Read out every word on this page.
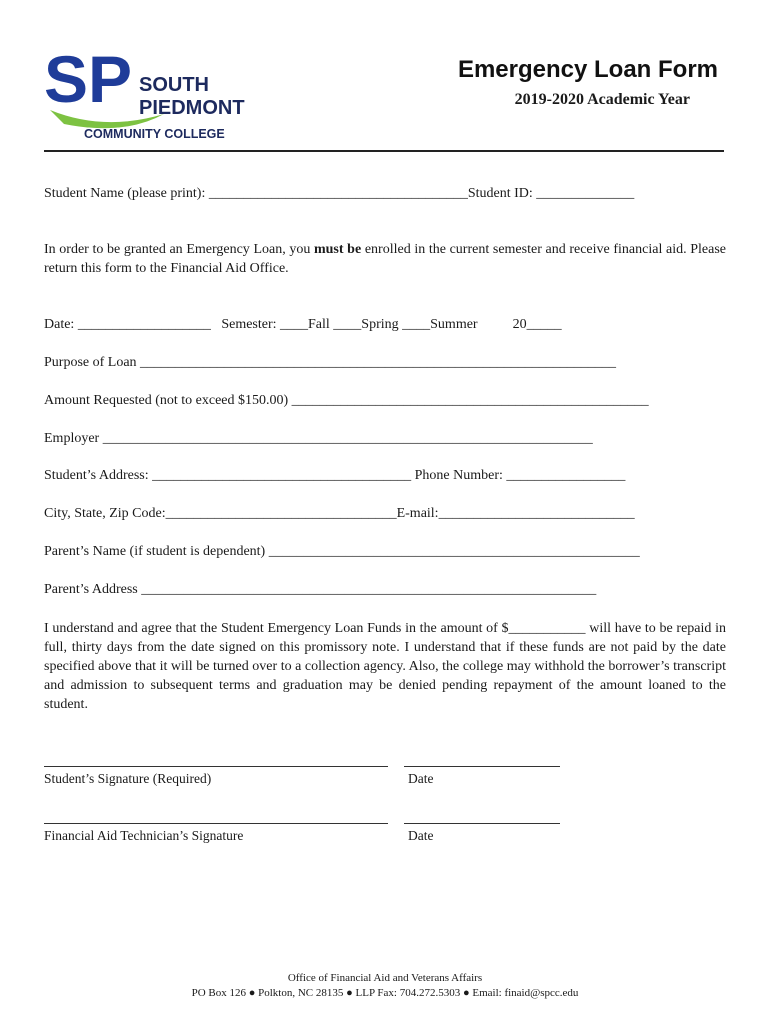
SP SOUTH
PIEDMONT
COMMUNITY COLLEGE
Emergency Loan Form
2019-2020 Academic Year
Student Name (please print): _____________________________________Student ID: ______________
In order to be granted an Emergency Loan, you must be enrolled in the current semester and receive financial aid. Please return this form to the Financial Aid Office.
Date: ___________________   Semester: ____Fall ____Spring ____Summer          20_____
Purpose of Loan ____________________________________________________________________
Amount Requested (not to exceed $150.00) ___________________________________________________
Employer ______________________________________________________________________
Student’s Address: _____________________________________ Phone Number: _________________
City, State, Zip Code:_________________________________E-mail:____________________________
Parent’s Name (if student is dependent) _____________________________________________________
Parent’s Address _________________________________________________________________
I understand and agree that the Student Emergency Loan Funds in the amount of $___________ will have to be repaid in full, thirty days from the date signed on this promissory note. I understand that if these funds are not paid by the date specified above that it will be turned over to a collection agency. Also, the college may withhold the borrower’s transcript and admission to subsequent terms and graduation may be denied pending repayment of the amount loaned to the student.
Student’s Signature (Required)	Date
Financial Aid Technician’s Signature	Date
Office of Financial Aid and Veterans Affairs
PO Box 126 ● Polkton, NC 28135 ● LLP Fax: 704.272.5303 ● Email: finaid@spcc.edu
